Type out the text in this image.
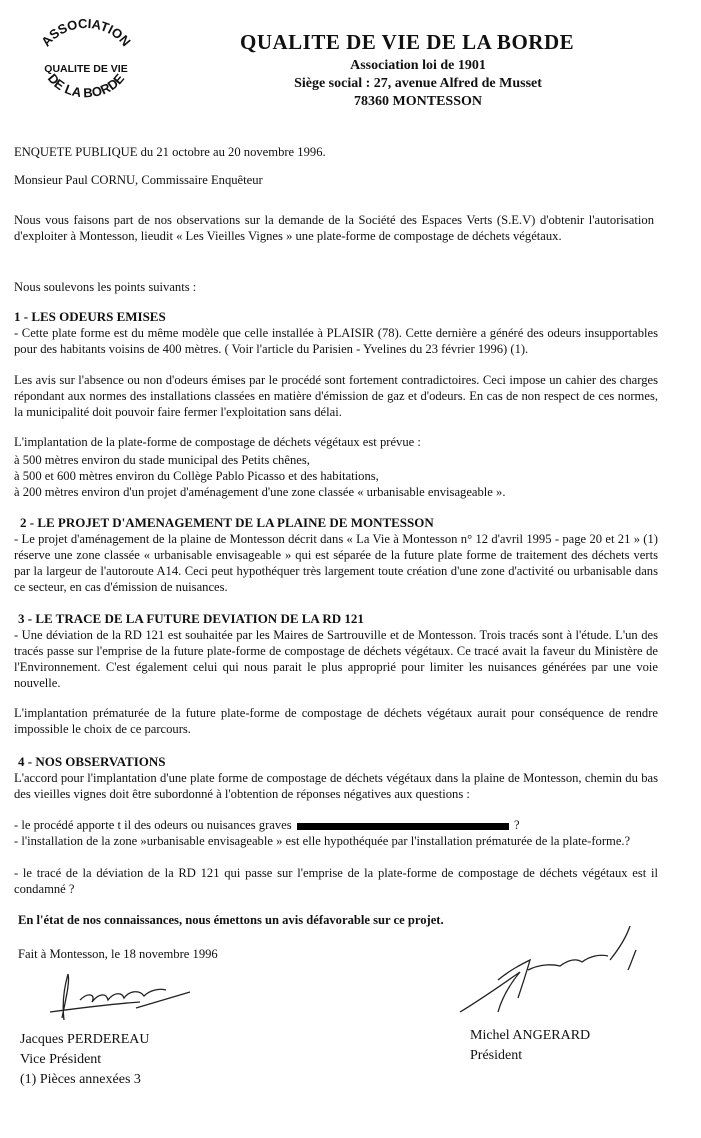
ASSOCIATION
QUALITE DE VIE
DE LA BORDE
QUALITE DE VIE DE LA BORDE
Association loi de 1901
Siège social : 27, avenue Alfred de Musset
78360 MONTESSON
ENQUETE PUBLIQUE du 21 octobre au 20 novembre 1996.
Monsieur Paul CORNU, Commissaire Enquêteur
Nous vous faisons part de nos observations sur la demande de la Société des Espaces Verts (S.E.V) d'obtenir l'autorisation d'exploiter à Montesson, lieudit « Les Vieilles Vignes » une plate-forme de compostage de déchets végétaux.
Nous soulevons les points suivants :
1 - LES ODEURS EMISES
- Cette plate forme est du même modèle que celle installée à PLAISIR (78). Cette dernière a généré des odeurs insupportables pour des habitants voisins de 400 mètres. ( Voir l'article du Parisien - Yvelines du 23 février 1996) (1).
Les avis sur l'absence ou non d'odeurs émises par le procédé sont fortement contradictoires. Ceci impose un cahier des charges répondant aux normes des installations classées en matière d'émission de gaz et d'odeurs. En cas de non respect de ces normes, la municipalité doit pouvoir faire fermer l'exploitation sans délai.
L'implantation de la plate-forme de compostage de déchets végétaux est prévue :
à 500 mètres environ du stade municipal des Petits chênes,
à 500 et 600 mètres environ du Collège Pablo Picasso et des habitations,
à 200 mètres environ d'un projet d'aménagement d'une zone classée « urbanisable envisageable ».
2 - LE PROJET D'AMENAGEMENT DE LA PLAINE DE MONTESSON
- Le projet d'aménagement de la plaine de Montesson décrit dans « La Vie à Montesson n° 12 d'avril 1995 - page 20 et 21 » (1) réserve une zone classée « urbanisable envisageable » qui est séparée de la future plate forme de traitement des déchets verts par la largeur de l'autoroute A14. Ceci peut hypothéquer très largement toute création d'une zone d'activité ou urbanisable dans ce secteur, en cas d'émission de nuisances.
3 - LE TRACE DE LA FUTURE DEVIATION DE LA RD 121
- Une déviation de la RD 121 est souhaitée par les Maires de Sartrouville et de Montesson. Trois tracés sont à l'étude. L'un des tracés passe sur l'emprise de la future plate-forme de compostage de déchets végétaux. Ce tracé avait la faveur du Ministère de l'Environnement. C'est également celui qui nous parait le plus approprié pour limiter les nuisances générées par une voie nouvelle.
L'implantation prématurée de la future plate-forme de compostage de déchets végétaux aurait pour conséquence de rendre impossible le choix de ce parcours.
4 - NOS OBSERVATIONS
L'accord pour l'implantation d'une plate forme de compostage de déchets végétaux dans la plaine de Montesson, chemin du bas des vieilles vignes doit être subordonné à l'obtention de réponses négatives aux questions :
- le procédé apporte t il des odeurs ou nuisances graves	?
- l'installation de la zone »urbanisable envisageable » est elle hypothéquée par l'installation prématurée de la plate-forme.?
- le tracé de la déviation de la RD 121 qui passe sur l'emprise de la plate-forme de compostage de déchets végétaux est il condamné ?
En l'état de nos connaissances, nous émettons un avis défavorable sur ce projet.
Fait à Montesson, le 18 novembre 1996
Jacques PERDEREAU
Vice Président
(1) Pièces annexées 3
Michel ANGERARD
Président
